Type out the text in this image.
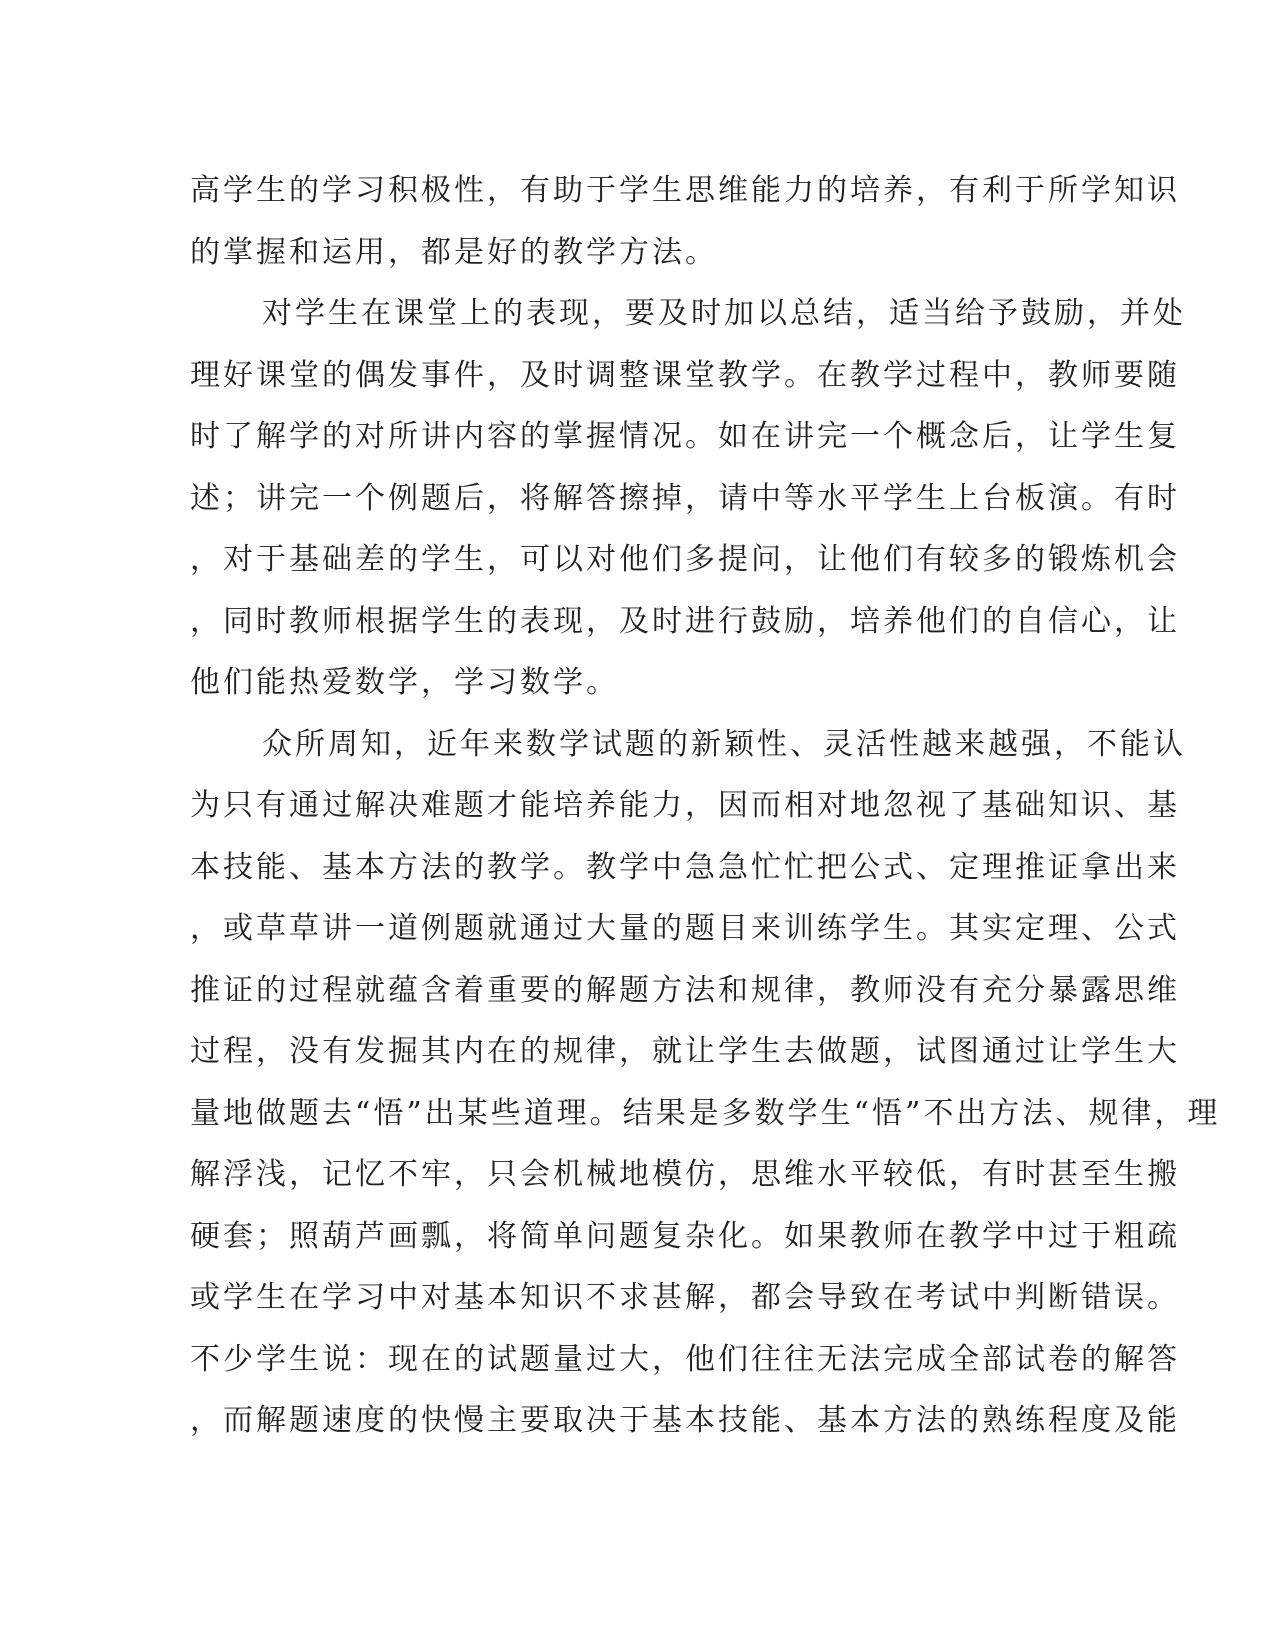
高学生的学习积极性，有助于学生思维能力的培养，有利于所学知识
的掌握和运用，都是好的教学方法。
对学生在课堂上的表现，要及时加以总结，适当给予鼓励，并处
理好课堂的偶发事件，及时调整课堂教学。在教学过程中，教师要随
时了解学的对所讲内容的掌握情况。如在讲完一个概念后，让学生复
述；讲完一个例题后，将解答擦掉，请中等水平学生上台板演。有时
，对于基础差的学生，可以对他们多提问，让他们有较多的锻炼机会
，同时教师根据学生的表现，及时进行鼓励，培养他们的自信心，让
他们能热爱数学，学习数学。
众所周知，近年来数学试题的新颖性、灵活性越来越强，不能认
为只有通过解决难题才能培养能力，因而相对地忽视了基础知识、基
本技能、基本方法的教学。教学中急急忙忙把公式、定理推证拿出来
，或草草讲一道例题就通过大量的题目来训练学生。其实定理、公式
推证的过程就蕴含着重要的解题方法和规律，教师没有充分暴露思维
过程，没有发掘其内在的规律，就让学生去做题，试图通过让学生大
量地做题去“悟”出某些道理。结果是多数学生“悟”不出方法、规律，理
解浮浅，记忆不牢，只会机械地模仿，思维水平较低，有时甚至生搬
硬套；照葫芦画瓢，将简单问题复杂化。如果教师在教学中过于粗疏
或学生在学习中对基本知识不求甚解，都会导致在考试中判断错误。
不少学生说：现在的试题量过大，他们往往无法完成全部试卷的解答
，而解题速度的快慢主要取决于基本技能、基本方法的熟练程度及能
